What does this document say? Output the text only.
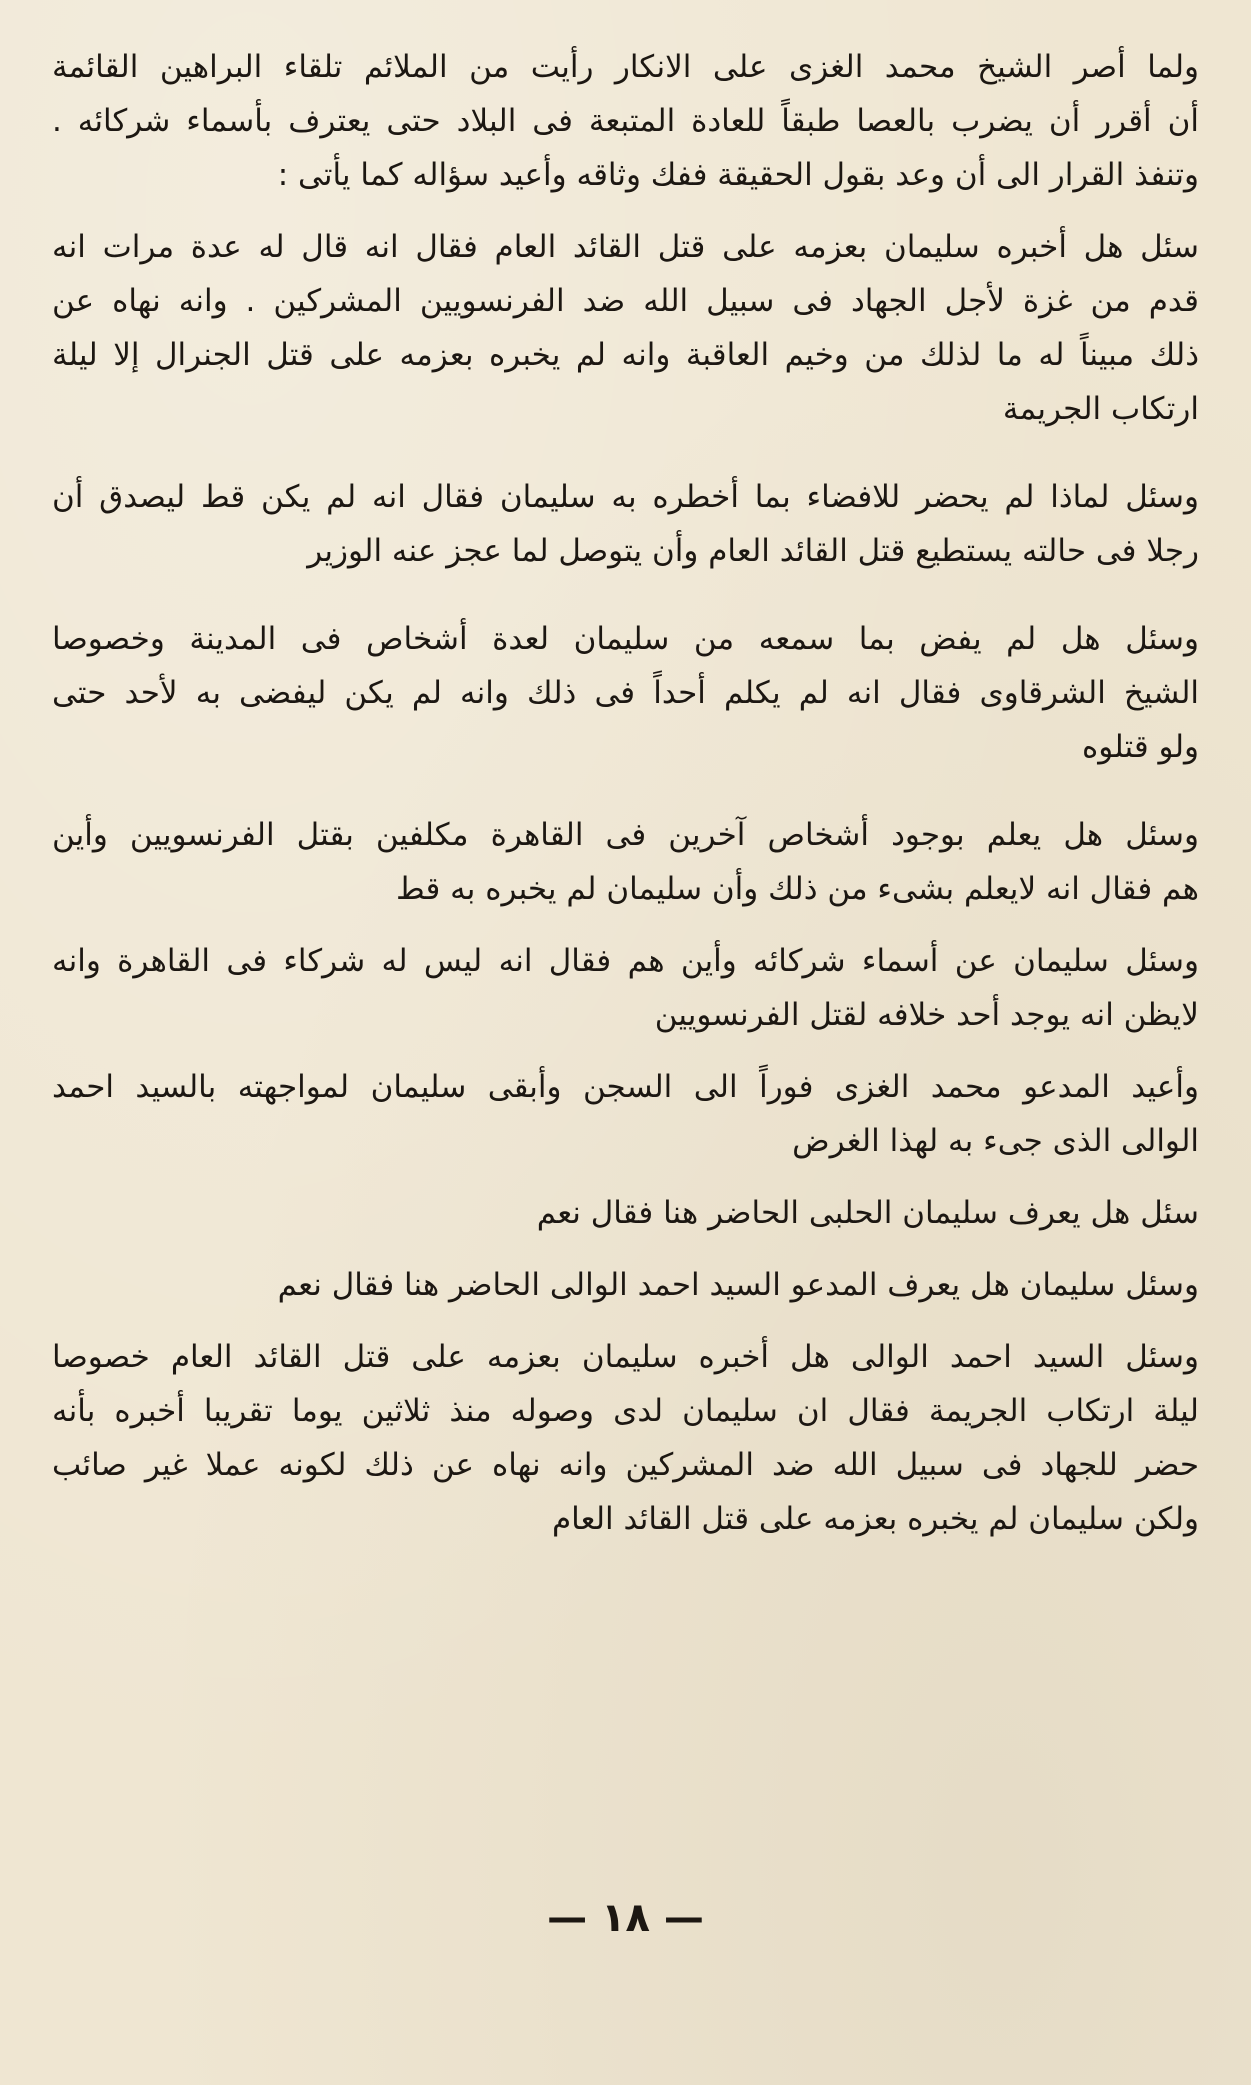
ولما أصر الشيخ محمد الغزى على الانكار رأيت من الملائم تلقاء البراهين القائمة
أن أقرر أن يضرب بالعصا طبقاً للعادة المتبعة فى البلاد حتى يعترف بأسماء شركائه .
وتنفذ القرار الى أن وعد بقول الحقيقة ففك وثاقه وأعيد سؤاله كما يأتى :
سئل هل أخبره سليمان بعزمه على قتل القائد العام فقال انه قال له عدة مرات انه
قدم من غزة لأجل الجهاد فى سبيل الله ضد الفرنسويين المشركين . وانه نهاه عن
ذلك مبيناً له ما لذلك من وخيم العاقبة وانه لم يخبره بعزمه على قتل الجنرال إلا ليلة
ارتكاب الجريمة
وسئل لماذا لم يحضر للافضاء بما أخطره به سليمان فقال انه لم يكن قط ليصدق أن
رجلا فى حالته يستطيع قتل القائد العام وأن يتوصل لما عجز عنه الوزير
وسئل هل لم يفض بما سمعه من سليمان لعدة أشخاص فى المدينة وخصوصا
الشيخ الشرقاوى فقال انه لم يكلم أحداً فى ذلك وانه لم يكن ليفضى به لأحد حتى
ولو قتلوه
وسئل هل يعلم بوجود أشخاص آخرين فى القاهرة مكلفين بقتل الفرنسويين وأين
هم فقال انه لايعلم بشىء من ذلك وأن سليمان لم يخبره به قط
وسئل سليمان عن أسماء شركائه وأين هم فقال انه ليس له شركاء فى القاهرة وانه
لايظن انه يوجد أحد خلافه لقتل الفرنسويين
وأعيد المدعو محمد الغزى فوراً الى السجن وأبقى سليمان لمواجهته بالسيد احمد
الوالى الذى جىء به لهذا الغرض
سئل هل يعرف سليمان الحلبى الحاضر هنا فقال نعم
وسئل سليمان هل يعرف المدعو السيد احمد الوالى الحاضر هنا فقال نعم
وسئل السيد احمد الوالى هل أخبره سليمان بعزمه على قتل القائد العام خصوصا
ليلة ارتكاب الجريمة فقال ان سليمان لدى وصوله منذ ثلاثين يوما تقريبا أخبره بأنه
حضر للجهاد فى سبيل الله ضد المشركين وانه نهاه عن ذلك لكونه عملا غير صائب
ولكن سليمان لم يخبره بعزمه على قتل القائد العام
— ١٨ —
